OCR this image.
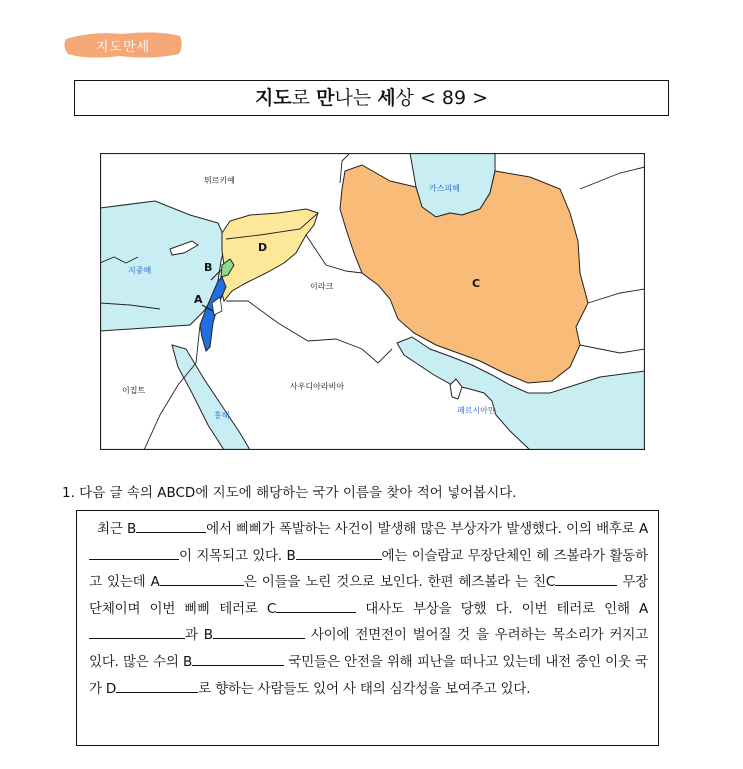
지도만세
지도로 만나는 세상 < 89 >
튀르키예
카스피해
지중해
이라크
이집트	사우디아라비아
홍해
페르시아만
A
B
C
D
1. 다음 글 속의 ABCD에 지도에 해당하는 국가 이름을 찾아 적어 넣어봅시다.

최근 B	에서 삐삐가 폭발하는 사건이 발생해 많은 부상자가 발생했다. 이의 배후로 A이 지목되고 있다. B	에는 이슬람교 무장단체인 헤 즈볼라가 활동하고 있는데 A	은 이들을 노린 것으로 보인다. 한편 헤즈볼라 는 친C	무장단체이며 이번 삐삐 테러로 C	대사도 부상을 당했 다. 이번 테러로 인해 A과 B	사이에 전면전이 벌어질 것 을 우려하는 목소리가 커지고 있다. 많은 수의 B	국민들은 안전을 위해 피난을 떠나고 있는데 내전 중인 이웃 국가 D	로 향하는 사람들도 있어 사 태의 심각성을 보여주고 있다.
